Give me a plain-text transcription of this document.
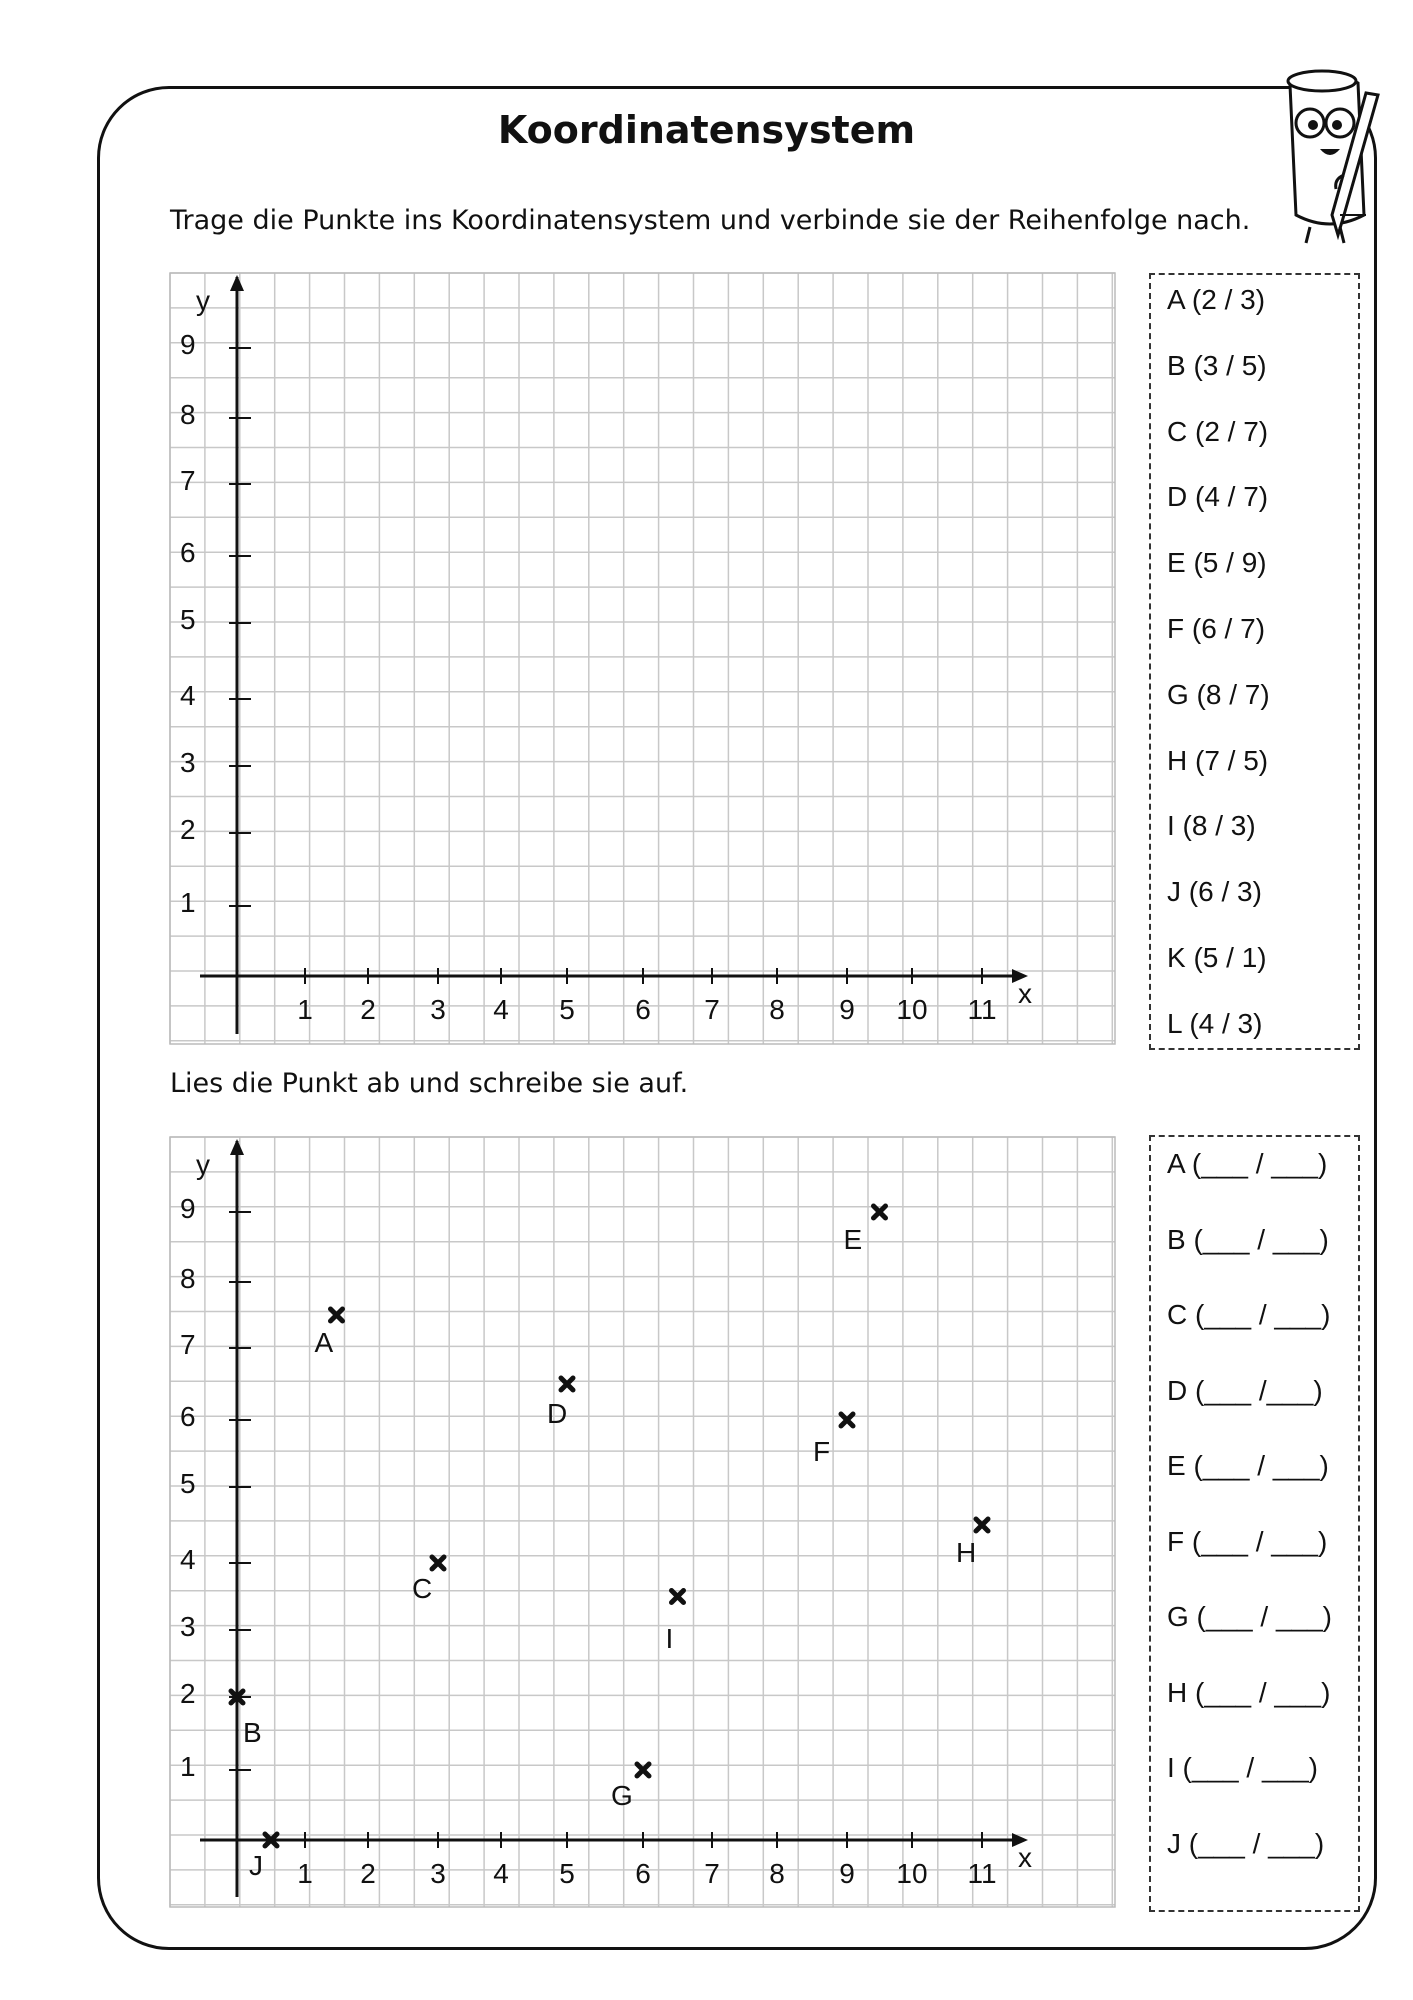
Koordinatensystem
Trage die Punkte ins Koordinatensystem und verbinde sie der Reihenfolge nach.
Lies die Punkt ab und schreibe sie auf.
1 2 3 4 5 6 7 8 9 10 11
x
1
2
3
4
5
6
7
8
9
y
1 2 3 4 5 6 7 8 9 10 11
x
1
2
3
4
5
6
7
8
9
y
A
B
C
D
E
F
G
H
I
J
A (2 / 3)
B (3 / 5)
C (2 / 7)
D (4 / 7)
E (5 / 9)
F (6 / 7)
G (8 / 7)
H (7 / 5)
I (8 / 3)
J (6 / 3)
K (5 / 1)
L (4 / 3)
A (___ / ___)
B (___ / ___)
C (___ / ___)
D (___ /___)
E (___ / ___)
F (___ / ___)
G (___ / ___)
H (___ / ___)
I (___ / ___)
J (___ / ___)
